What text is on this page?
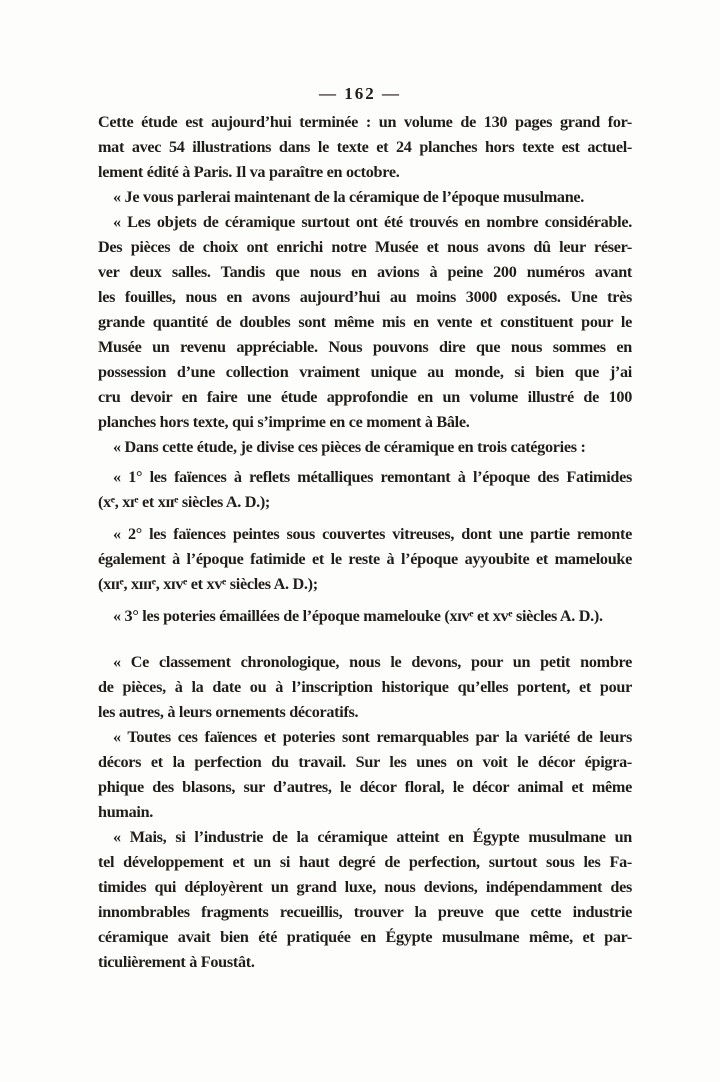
— 162 —
Cette étude est aujourd’hui terminée : un volume de 130 pages grand for-
mat avec 54 illustrations dans le texte et 24 planches hors texte est actuel-
lement édité à Paris. Il va paraître en octobre.
« Je vous parlerai maintenant de la céramique de l’époque musulmane.
« Les objets de céramique surtout ont été trouvés en nombre considérable.
Des pièces de choix ont enrichi notre Musée et nous avons dû leur réser-
ver deux salles. Tandis que nous en avions à peine 200 numéros avant
les fouilles, nous en avons aujourd’hui au moins 3000 exposés. Une très
grande quantité de doubles sont même mis en vente et constituent pour le
Musée un revenu appréciable. Nous pouvons dire que nous sommes en
possession d’une collection vraiment unique au monde, si bien que j’ai
cru devoir en faire une étude approfondie en un volume illustré de 100
planches hors texte, qui s’imprime en ce moment à Bâle.
« Dans cette étude, je divise ces pièces de céramique en trois catégories :
« 1° les faïences à reflets métalliques remontant à l’époque des Fatimides
(xᵉ, xɪᵉ et xɪɪᵉ siècles A. D.);
« 2° les faïences peintes sous couvertes vitreuses, dont une partie remonte
également à l’époque fatimide et le reste à l’époque ayyoubite et mamelouke
(xɪɪᵉ, xɪɪɪᵉ, xɪᴠᵉ et xᴠᵉ siècles A. D.);
« 3° les poteries émaillées de l’époque mamelouke (xɪᴠᵉ et xᴠᵉ siècles A. D.).
« Ce classement chronologique, nous le devons, pour un petit nombre
de pièces, à la date ou à l’inscription historique qu’elles portent, et pour
les autres, à leurs ornements décoratifs.
« Toutes ces faïences et poteries sont remarquables par la variété de leurs
décors et la perfection du travail. Sur les unes on voit le décor épigra-
phique des blasons, sur d’autres, le décor floral, le décor animal et même
humain.
« Mais, si l’industrie de la céramique atteint en Égypte musulmane un
tel développement et un si haut degré de perfection, surtout sous les Fa-
timides qui déployèrent un grand luxe, nous devions, indépendamment des
innombrables fragments recueillis, trouver la preuve que cette industrie
céramique avait bien été pratiquée en Égypte musulmane même, et par-
ticulièrement à Foustât.
